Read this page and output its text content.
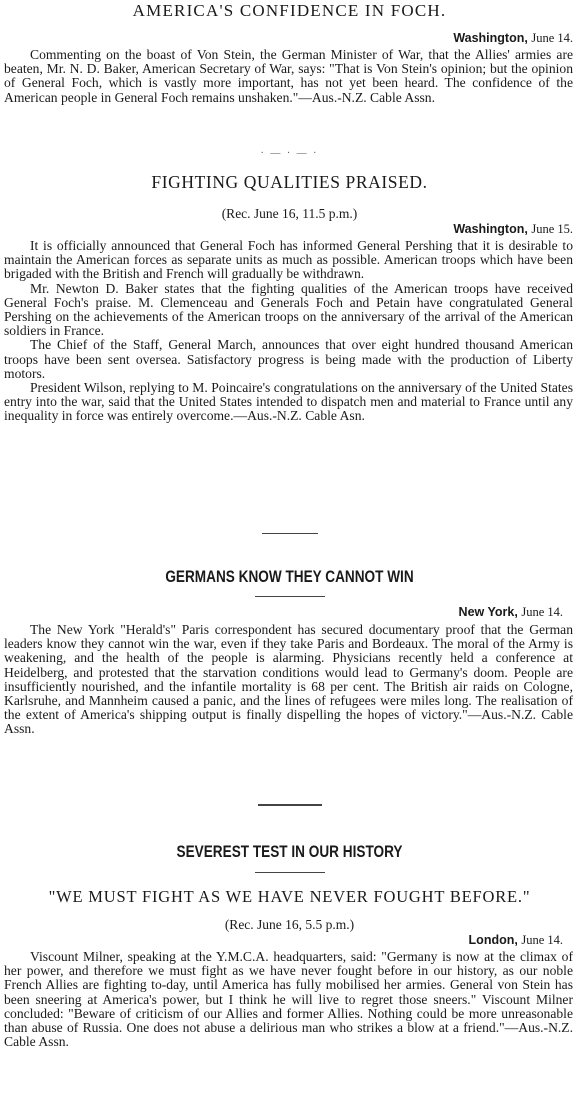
AMERICA'S CONFIDENCE IN FOCH.
Washington, June 14.

Commenting on the boast of Von Stein, the German Minister of War, that the Allies' armies are beaten, Mr. N. D. Baker, American Secretary of War, says: "That is Von Stein's opinion; but the opinion of General Foch, which is vastly more important, has not yet been heard. The confidence of the American people in General Foch remains unshaken."—Aus.-N.Z. Cable Assn.

· — · — ·
FIGHTING QUALITIES PRAISED.
(Rec. June 16, 11.5 p.m.)
Washington, June 15.

It is officially announced that General Foch has informed General Pershing that it is desirable to maintain the American forces as separate units as much as possible. American troops which have been brigaded with the British and French will gradually be withdrawn.

Mr. Newton D. Baker states that the fighting qualities of the American troops have received General Foch's praise. M. Clemenceau and Generals Foch and Petain have congratulated General Pershing on the achievements of the American troops on the anniversary of the arrival of the American soldiers in France.

The Chief of the Staff, General March, announces that over eight hundred thousand American troops have been sent oversea. Satisfactory progress is being made with the production of Liberty motors.

President Wilson, replying to M. Poincaire's congratulations on the anniversary of the United States entry into the war, said that the United States intended to dispatch men and material to France until any inequality in force was entirely overcome.—Aus.-N.Z. Cable Asn.

GERMANS KNOW THEY CANNOT WIN
New York, June 14.

The New York "Herald's" Paris correspondent has secured documentary proof that the German leaders know they cannot win the war, even if they take Paris and Bordeaux. The moral of the Army is weakening, and the health of the people is alarming. Physicians recently held a conference at Heidelberg, and protested that the starvation conditions would lead to Germany's doom. People are insufficiently nourished, and the infantile mortality is 68 per cent. The British air raids on Cologne, Karlsruhe, and Mannheim caused a panic, and the lines of refugees were miles long. The realisation of the extent of America's shipping output is finally dispelling the hopes of victory."—Aus.-N.Z. Cable Assn.

SEVEREST TEST IN OUR HISTORY
"WE MUST FIGHT AS WE HAVE NEVER FOUGHT BEFORE."
(Rec. June 16, 5.5 p.m.)
London, June 14.

Viscount Milner, speaking at the Y.M.C.A. headquarters, said: "Germany is now at the climax of her power, and therefore we must fight as we have never fought before in our history, as our noble French Allies are fighting to-day, until America has fully mobilised her armies. General von Stein has been sneering at America's power, but I think he will live to regret those sneers." Viscount Milner concluded: "Beware of criticism of our Allies and former Allies. Nothing could be more unreasonable than abuse of Russia. One does not abuse a delirious man who strikes a blow at a friend."—Aus.-N.Z. Cable Assn.
